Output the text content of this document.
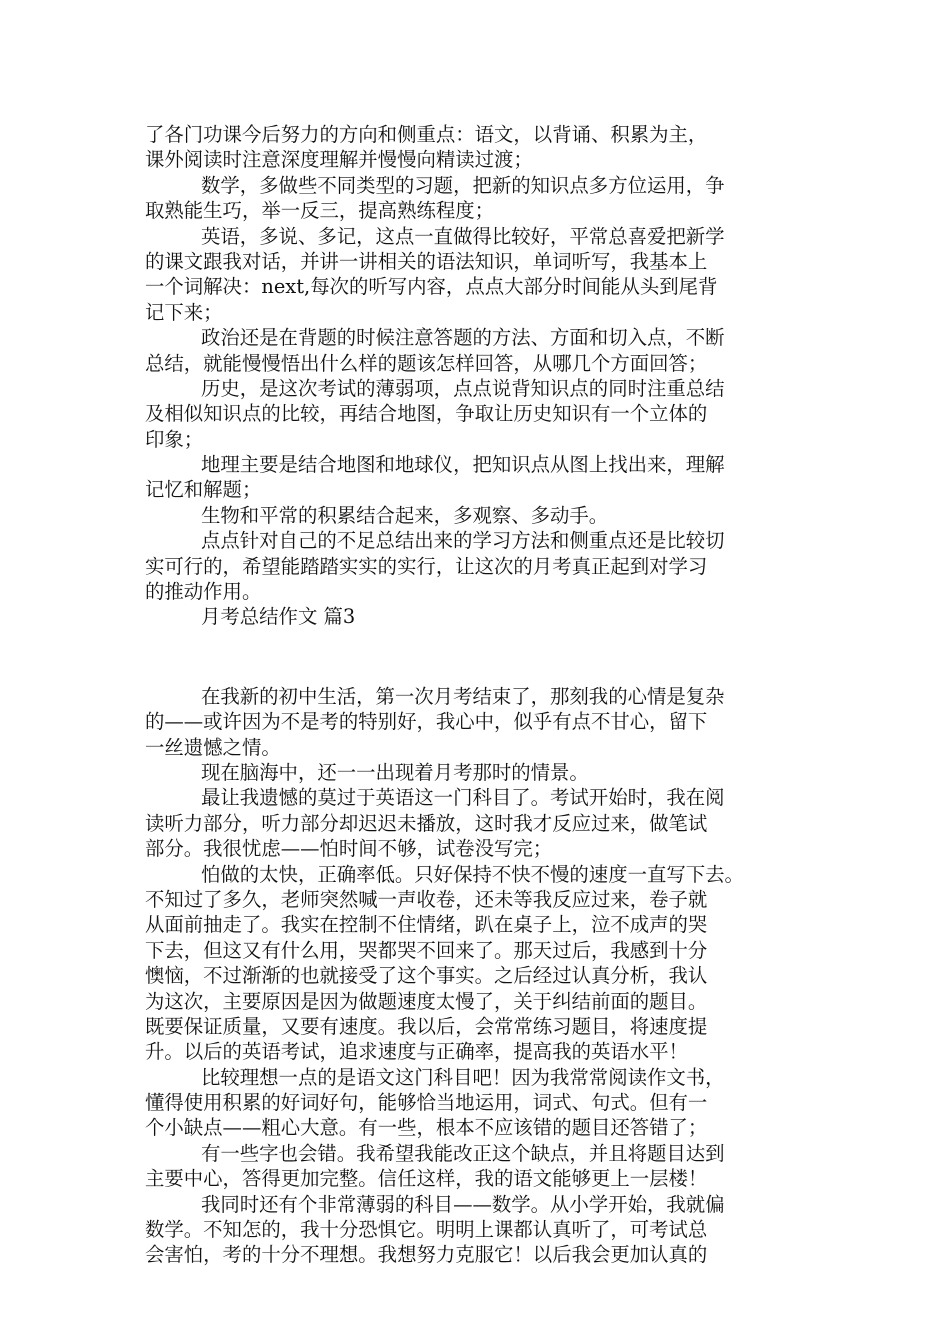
了各门功课今后努力的方向和侧重点：语文，以背诵、积累为主，
课外阅读时注意深度理解并慢慢向精读过渡；
数学，多做些不同类型的习题，把新的知识点多方位运用，争
取熟能生巧，举一反三，提高熟练程度；
英语，多说、多记，这点一直做得比较好，平常总喜爱把新学
的课文跟我对话，并讲一讲相关的语法知识，单词听写，我基本上
一个词解决：next,每次的听写内容，点点大部分时间能从头到尾背
记下来；
政治还是在背题的时候注意答题的方法、方面和切入点，不断
总结，就能慢慢悟出什么样的题该怎样回答，从哪几个方面回答；
历史，是这次考试的薄弱项，点点说背知识点的同时注重总结
及相似知识点的比较，再结合地图，争取让历史知识有一个立体的
印象；
地理主要是结合地图和地球仪，把知识点从图上找出来，理解
记忆和解题；
生物和平常的积累结合起来，多观察、多动手。
点点针对自己的不足总结出来的学习方法和侧重点还是比较切
实可行的，希望能踏踏实实的实行，让这次的月考真正起到对学习
的推动作用。
月考总结作文 篇3
在我新的初中生活，第一次月考结束了，那刻我的心情是复杂
的——或许因为不是考的特别好，我心中，似乎有点不甘心，留下
一丝遗憾之情。
现在脑海中，还一一出现着月考那时的情景。
最让我遗憾的莫过于英语这一门科目了。考试开始时，我在阅
读听力部分，听力部分却迟迟未播放，这时我才反应过来，做笔试
部分。我很忧虑——怕时间不够，试卷没写完；
怕做的太快，正确率低。只好保持不快不慢的速度一直写下去。
不知过了多久，老师突然喊一声收卷，还未等我反应过来，卷子就
从面前抽走了。我实在控制不住情绪，趴在桌子上，泣不成声的哭
下去，但这又有什么用，哭都哭不回来了。那天过后，我感到十分
懊恼，不过渐渐的也就接受了这个事实。之后经过认真分析，我认
为这次，主要原因是因为做题速度太慢了，关于纠结前面的题目。
既要保证质量，又要有速度。我以后，会常常练习题目，将速度提
升。以后的英语考试，追求速度与正确率，提高我的英语水平！
比较理想一点的是语文这门科目吧！因为我常常阅读作文书，
懂得使用积累的好词好句，能够恰当地运用，词式、句式。但有一
个小缺点——粗心大意。有一些，根本不应该错的题目还答错了；
有一些字也会错。我希望我能改正这个缺点，并且将题目达到
主要中心，答得更加完整。信任这样，我的语文能够更上一层楼！
我同时还有个非常薄弱的科目——数学。从小学开始，我就偏
数学。不知怎的，我十分恐惧它。明明上课都认真听了，可考试总
会害怕，考的十分不理想。我想努力克服它！以后我会更加认真的
